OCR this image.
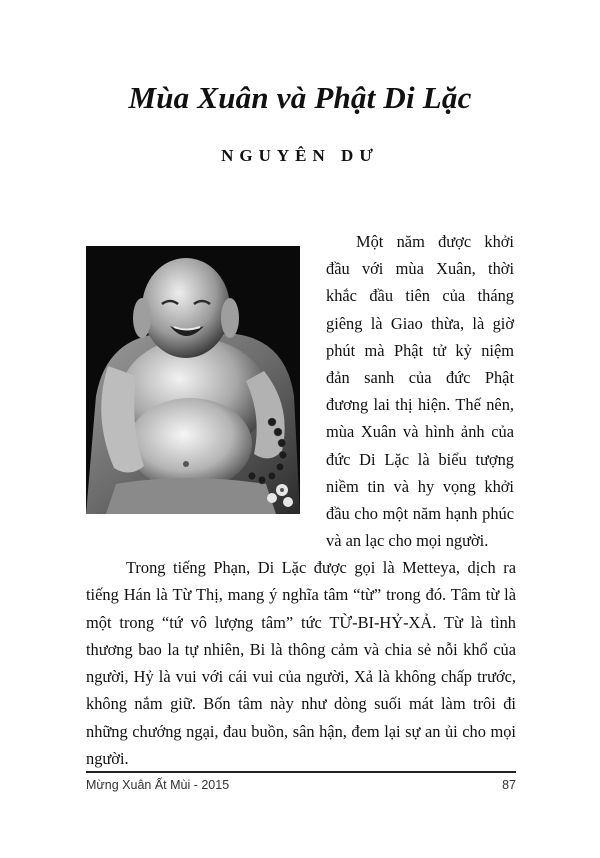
Mùa Xuân và Phật Di Lặc
NGUYÊN DƯ

Một năm được khởi đầu với mùa Xuân, thời khắc đầu tiên của tháng giêng là Giao thừa, là giờ phút mà Phật tử kỷ niệm đản sanh của đức Phật đương lai thị hiện. Thế nên, mùa Xuân và hình ảnh của đức Di Lặc là biểu tượng niềm tin và hy vọng khởi đầu cho một năm hạnh phúc và an lạc cho mọi người.

Trong tiếng Phạn, Di Lặc được gọi là Metteya, dịch ra tiếng Hán là Từ Thị, mang ý nghĩa tâm “từ” trong đó. Tâm từ là một trong “tứ vô lượng tâm” tức TỪ-BI-HỶ-XẢ. Từ là tình thương bao la tự nhiên, Bi là thông cảm và chia sẻ nỗi khổ của người, Hỷ là vui với cái vui của người, Xả là không chấp trước, không nắm giữ. Bốn tâm này như dòng suối mát làm trôi đi những chướng ngại, đau buồn, sân hận, đem lại sự an ủi cho mọi người.

Mừng Xuân Ất Mùi - 2015	87
